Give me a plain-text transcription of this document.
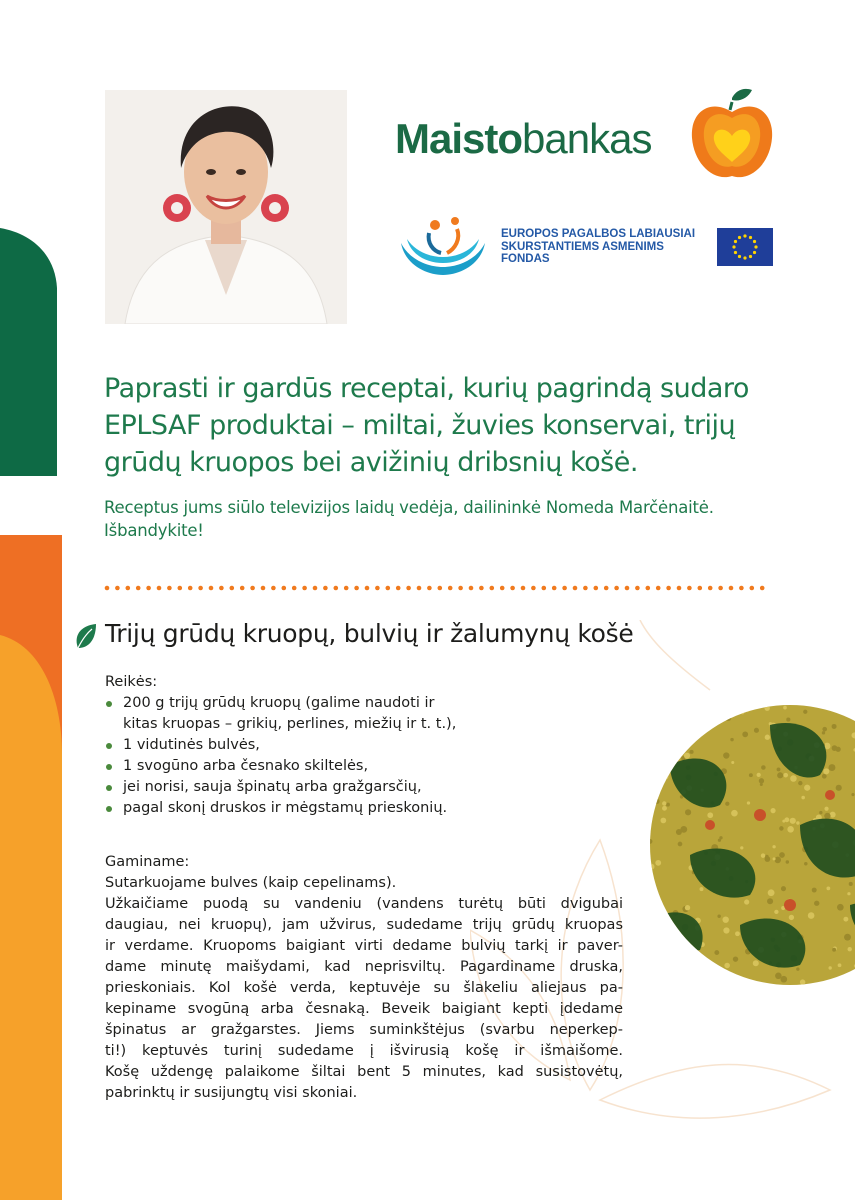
Maistobankas
EUROPOS PAGALBOS LABIAUSIAI
SKURSTANTIEMS ASMENIMS
FONDAS
Paprasti ir gardūs receptai, kurių pagrindą sudaro
EPLSAF produktai – miltai, žuvies konservai, trijų
grūdų kruopos bei avižinių dribsnių košė.

Receptus jums siūlo televizijos laidų vedėja, dailininkė Nomeda Marčėnaitė.
Išbandykite!

Trijų grūdų kruopų, bulvių ir žalumynų košė

Reikės:

200 g trijų grūdų kruopų (galime naudoti ir
kitas kruopas – grikių, perlines, miežių ir t. t.),
1 vidutinės bulvės,
1 svogūno arba česnako skiltelės,
jei norisi, sauja špinatų arba gražgarsčių,
pagal skonį druskos ir mėgstamų prieskonių.

Gaminame:

Sutarkuojame bulves (kaip cepelinams).
Užkaičiame puodą su vandeniu (vandens turėtų būti dvigubai
daugiau, nei kruopų), jam užvirus, sudedame trijų grūdų kruopas
ir verdame. Kruopoms baigiant virti dedame bulvių tarkį ir paver-
dame minutę maišydami, kad neprisviltų. Pagardiname druska,
prieskoniais. Kol košė verda, keptuvėje su šlakeliu aliejaus pa-
kepiname svogūną arba česnaką. Beveik baigiant kepti įdedame
špinatus ar gražgarstes. Jiems suminkštėjus (svarbu neperkep-
ti!) keptuvės turinį sudedame į išvirusią košę ir išmaišome.
Košę uždengę palaikome šiltai bent 5 minutes, kad susistovėtų,
pabrinktų ir susijungtų visi skoniai.
